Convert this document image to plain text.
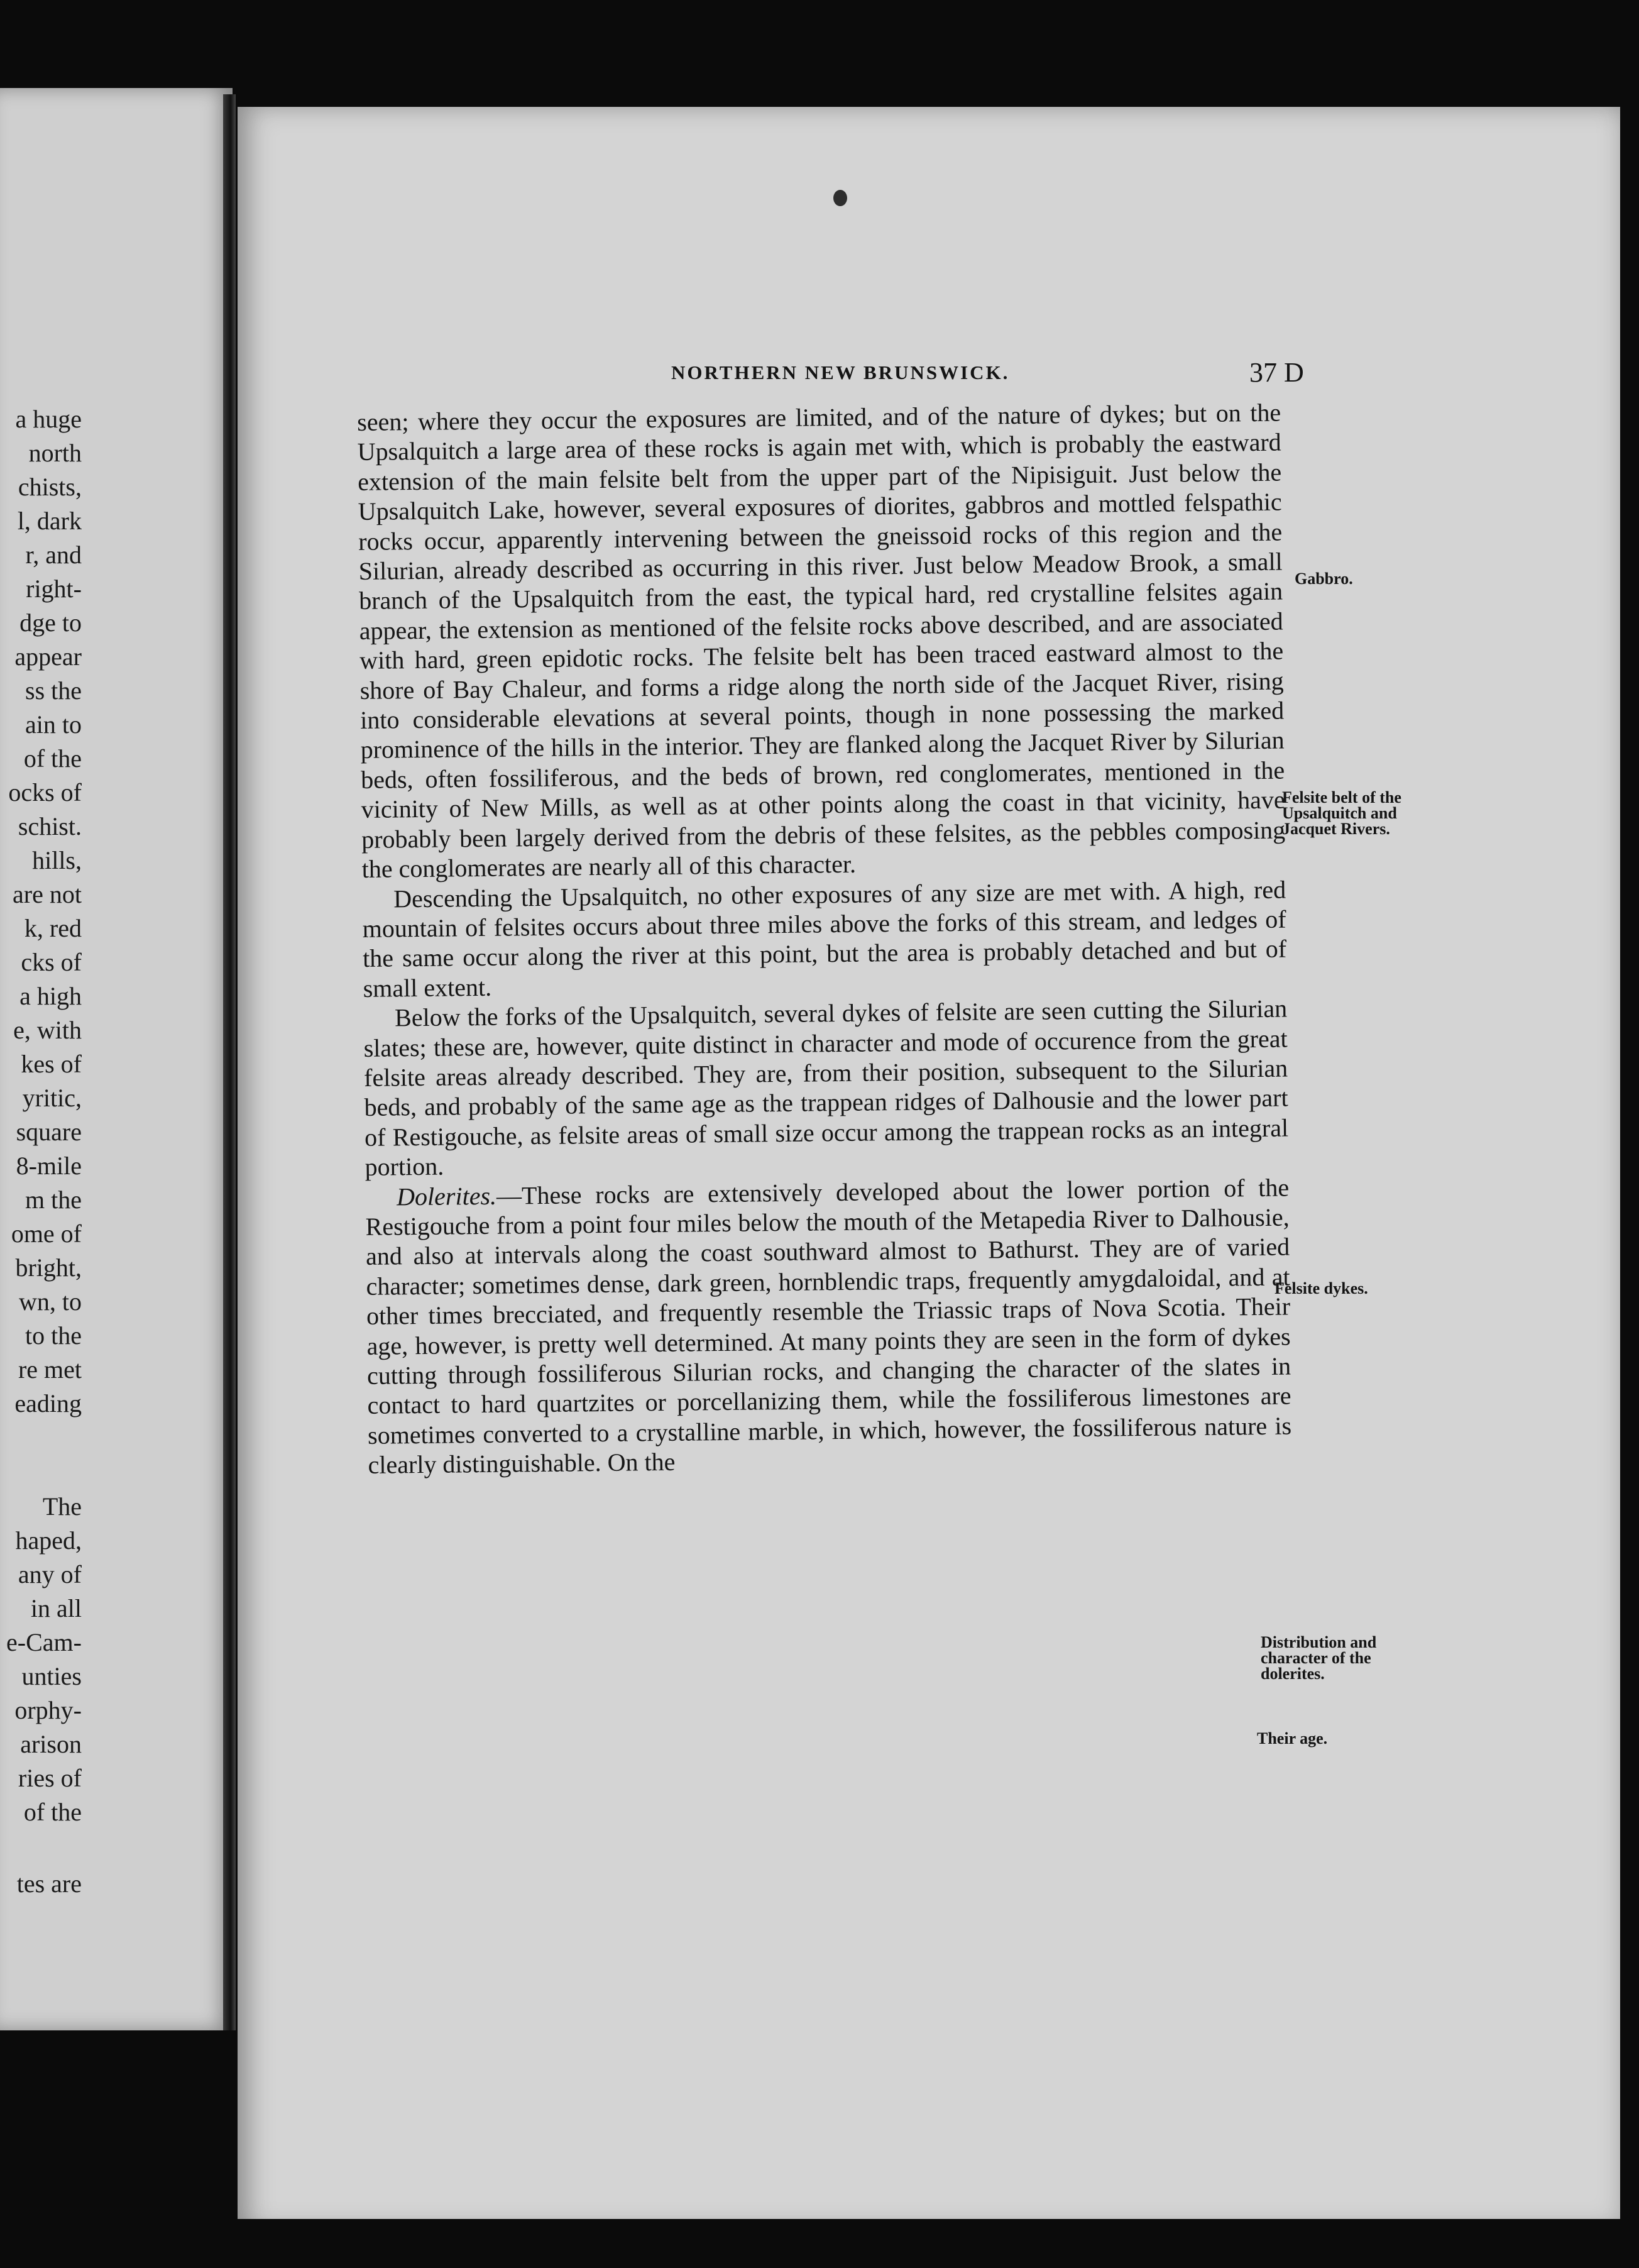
a huge
north
chists,
l, dark
r, and
right-
dge to
appear
ss the
ain to
of the
ocks of
schist.
hills,
are not
k, red
cks of
a high
e, with
kes of
yritic,
square
8-mile
m the
ome of
bright,
wn, to
to the
re met
eading
The
haped,
any of
in all
e-Cam-
unties
orphy-
arison
ries of
of the
tes are
NORTHERN NEW BRUNSWICK.	37 D

seen; where they occur the exposures are limited, and of the nature of dykes; but on the Upsalquitch a large area of these rocks is again met with, which is probably the eastward extension of the main felsite belt from the upper part of the Nipisiguit. Just below the Upsalquitch Lake, however, several exposures of diorites, gabbros and mottled felspathic rocks occur, apparently intervening between the gneissoid rocks of this region and the Silurian, already described as occurring in this river. Just below Meadow Brook, a small branch of the Upsalquitch from the east, the typical hard, red crystalline felsites again appear, the extension as mentioned of the felsite rocks above described, and are associated with hard, green epidotic rocks. The felsite belt has been traced eastward almost to the shore of Bay Chaleur, and forms a ridge along the north side of the Jacquet River, rising into considerable elevations at several points, though in none possessing the marked prominence of the hills in the interior. They are flanked along the Jacquet River by Silurian beds, often fossiliferous, and the beds of brown, red conglomerates, mentioned in the vicinity of New Mills, as well as at other points along the coast in that vicinity, have probably been largely derived from the debris of these felsites, as the pebbles composing the conglomerates are nearly all of this character.

Descending the Upsalquitch, no other exposures of any size are met with. A high, red mountain of felsites occurs about three miles above the forks of this stream, and ledges of the same occur along the river at this point, but the area is probably detached and but of small extent.

Below the forks of the Upsalquitch, several dykes of felsite are seen cutting the Silurian slates; these are, however, quite distinct in character and mode of occurence from the great felsite areas already described. They are, from their position, subsequent to the Silurian beds, and probably of the same age as the trappean ridges of Dalhousie and the lower part of Restigouche, as felsite areas of small size occur among the trappean rocks as an integral portion.

Dolerites.—These rocks are extensively developed about the lower portion of the Restigouche from a point four miles below the mouth of the Metapedia River to Dalhousie, and also at intervals along the coast southward almost to Bathurst. They are of varied character; sometimes dense, dark green, hornblendic traps, frequently amygdaloidal, and at other times brecciated, and frequently resemble the Triassic traps of Nova Scotia. Their age, however, is pretty well determined. At many points they are seen in the form of dykes cutting through fossiliferous Silurian rocks, and changing the character of the slates in contact to hard quartzites or porcellanizing them, while the fossiliferous limestones are sometimes converted to a crystalline marble, in which, however, the fossiliferous nature is clearly distinguishable. On the

Gabbro.
Felsite belt of the Upsalquitch and Jacquet Rivers.
Felsite dykes.
Distribution and character of the dolerites.
Their age.
